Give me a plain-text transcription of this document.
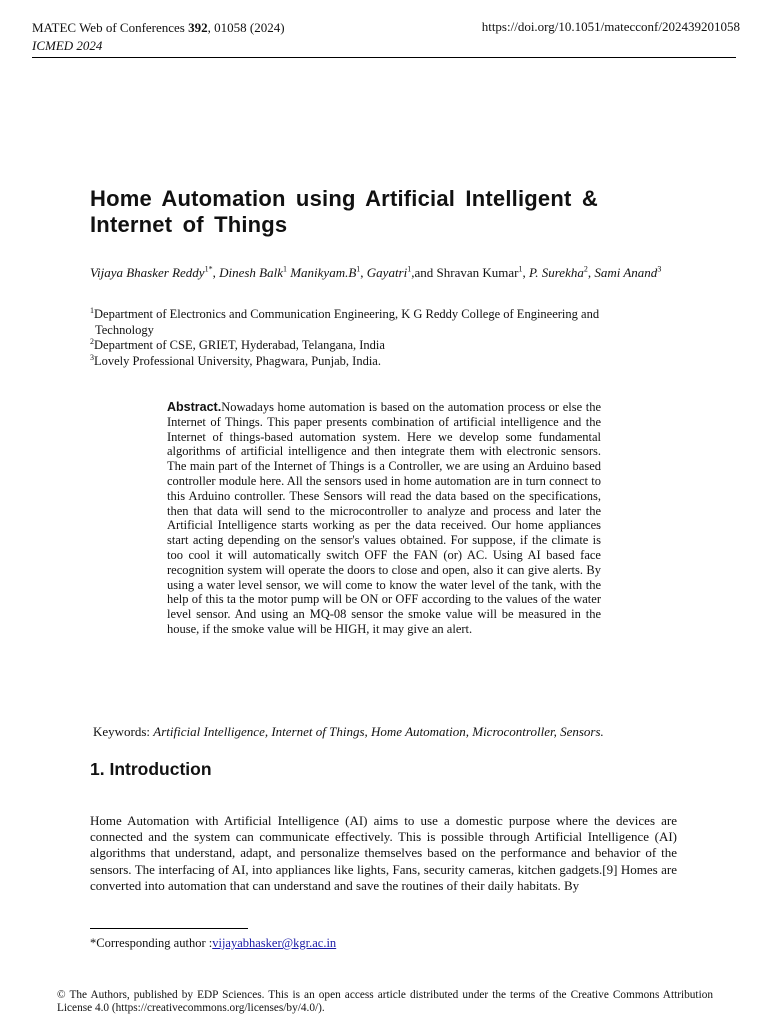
MATEC Web of Conferences 392, 01058 (2024)
ICMED 2024
https://doi.org/10.1051/matecconf/202439201058
Home Automation using Artificial Intelligent & Internet of Things
Vijaya Bhasker Reddy$^{1*}$, Dinesh Balk$^1$ $Manikyam.B^1$, Gayatri$^1$,and Shravan Kumar$^1$, P. Surekha$^2$, Sami Anand$^3$
$^1$Department of Electronics and Communication Engineering, K G Reddy College of Engineering and
Technology
$^2$Department of CSE, GRIET, Hyderabad, Telangana, India
$^3$Lovely Professional University, Phagwara, Punjab, India.
Abstract.Nowadays home automation is based on the automation process or else the Internet of Things. This paper presents combination of artificial intelligence and the Internet of things-based automation system. Here we develop some fundamental algorithms of artificial intelligence and then integrate them with electronic sensors. The main part of the Internet of Things is a Controller, we are using an Arduino based controller module here. All the sensors used in home automation are in turn connect to this Arduino controller. These Sensors will read the data based on the specifications, then that data will send to the microcontroller to analyze and process and later the Artificial Intelligence starts working as per the data received. Our home appliances start acting depending on the sensor's values obtained. For suppose, if the climate is too cool it will automatically switch OFF the FAN (or) AC. Using AI based face recognition system will operate the doors to close and open, also it can give alerts. By using a water level sensor, we will come to know the water level of the tank, with the help of this ta the motor pump will be ON or OFF according to the values of the water level sensor. And using an MQ-08 sensor the smoke value will be measured in the house, if the smoke value will be HIGH, it may give an alert.
Keywords: Artificial Intelligence, Internet of Things, Home Automation, Microcontroller, Sensors.
1. Introduction
Home Automation with Artificial Intelligence (AI) aims to use a domestic purpose where the devices are connected and the system can communicate effectively. This is possible through Artificial Intelligence (AI) algorithms that understand, adapt, and personalize themselves based on the performance and behavior of the sensors. The interfacing of AI, into appliances like lights, Fans, security cameras, kitchen gadgets.[9] Homes are converted into automation that can understand and save the routines of their daily habitats. By
*Corresponding author :vijayabhasker@kgr.ac.in
© The Authors, published by EDP Sciences. This is an open access article distributed under the terms of the Creative Commons Attribution License 4.0 (https://creativecommons.org/licenses/by/4.0/).
